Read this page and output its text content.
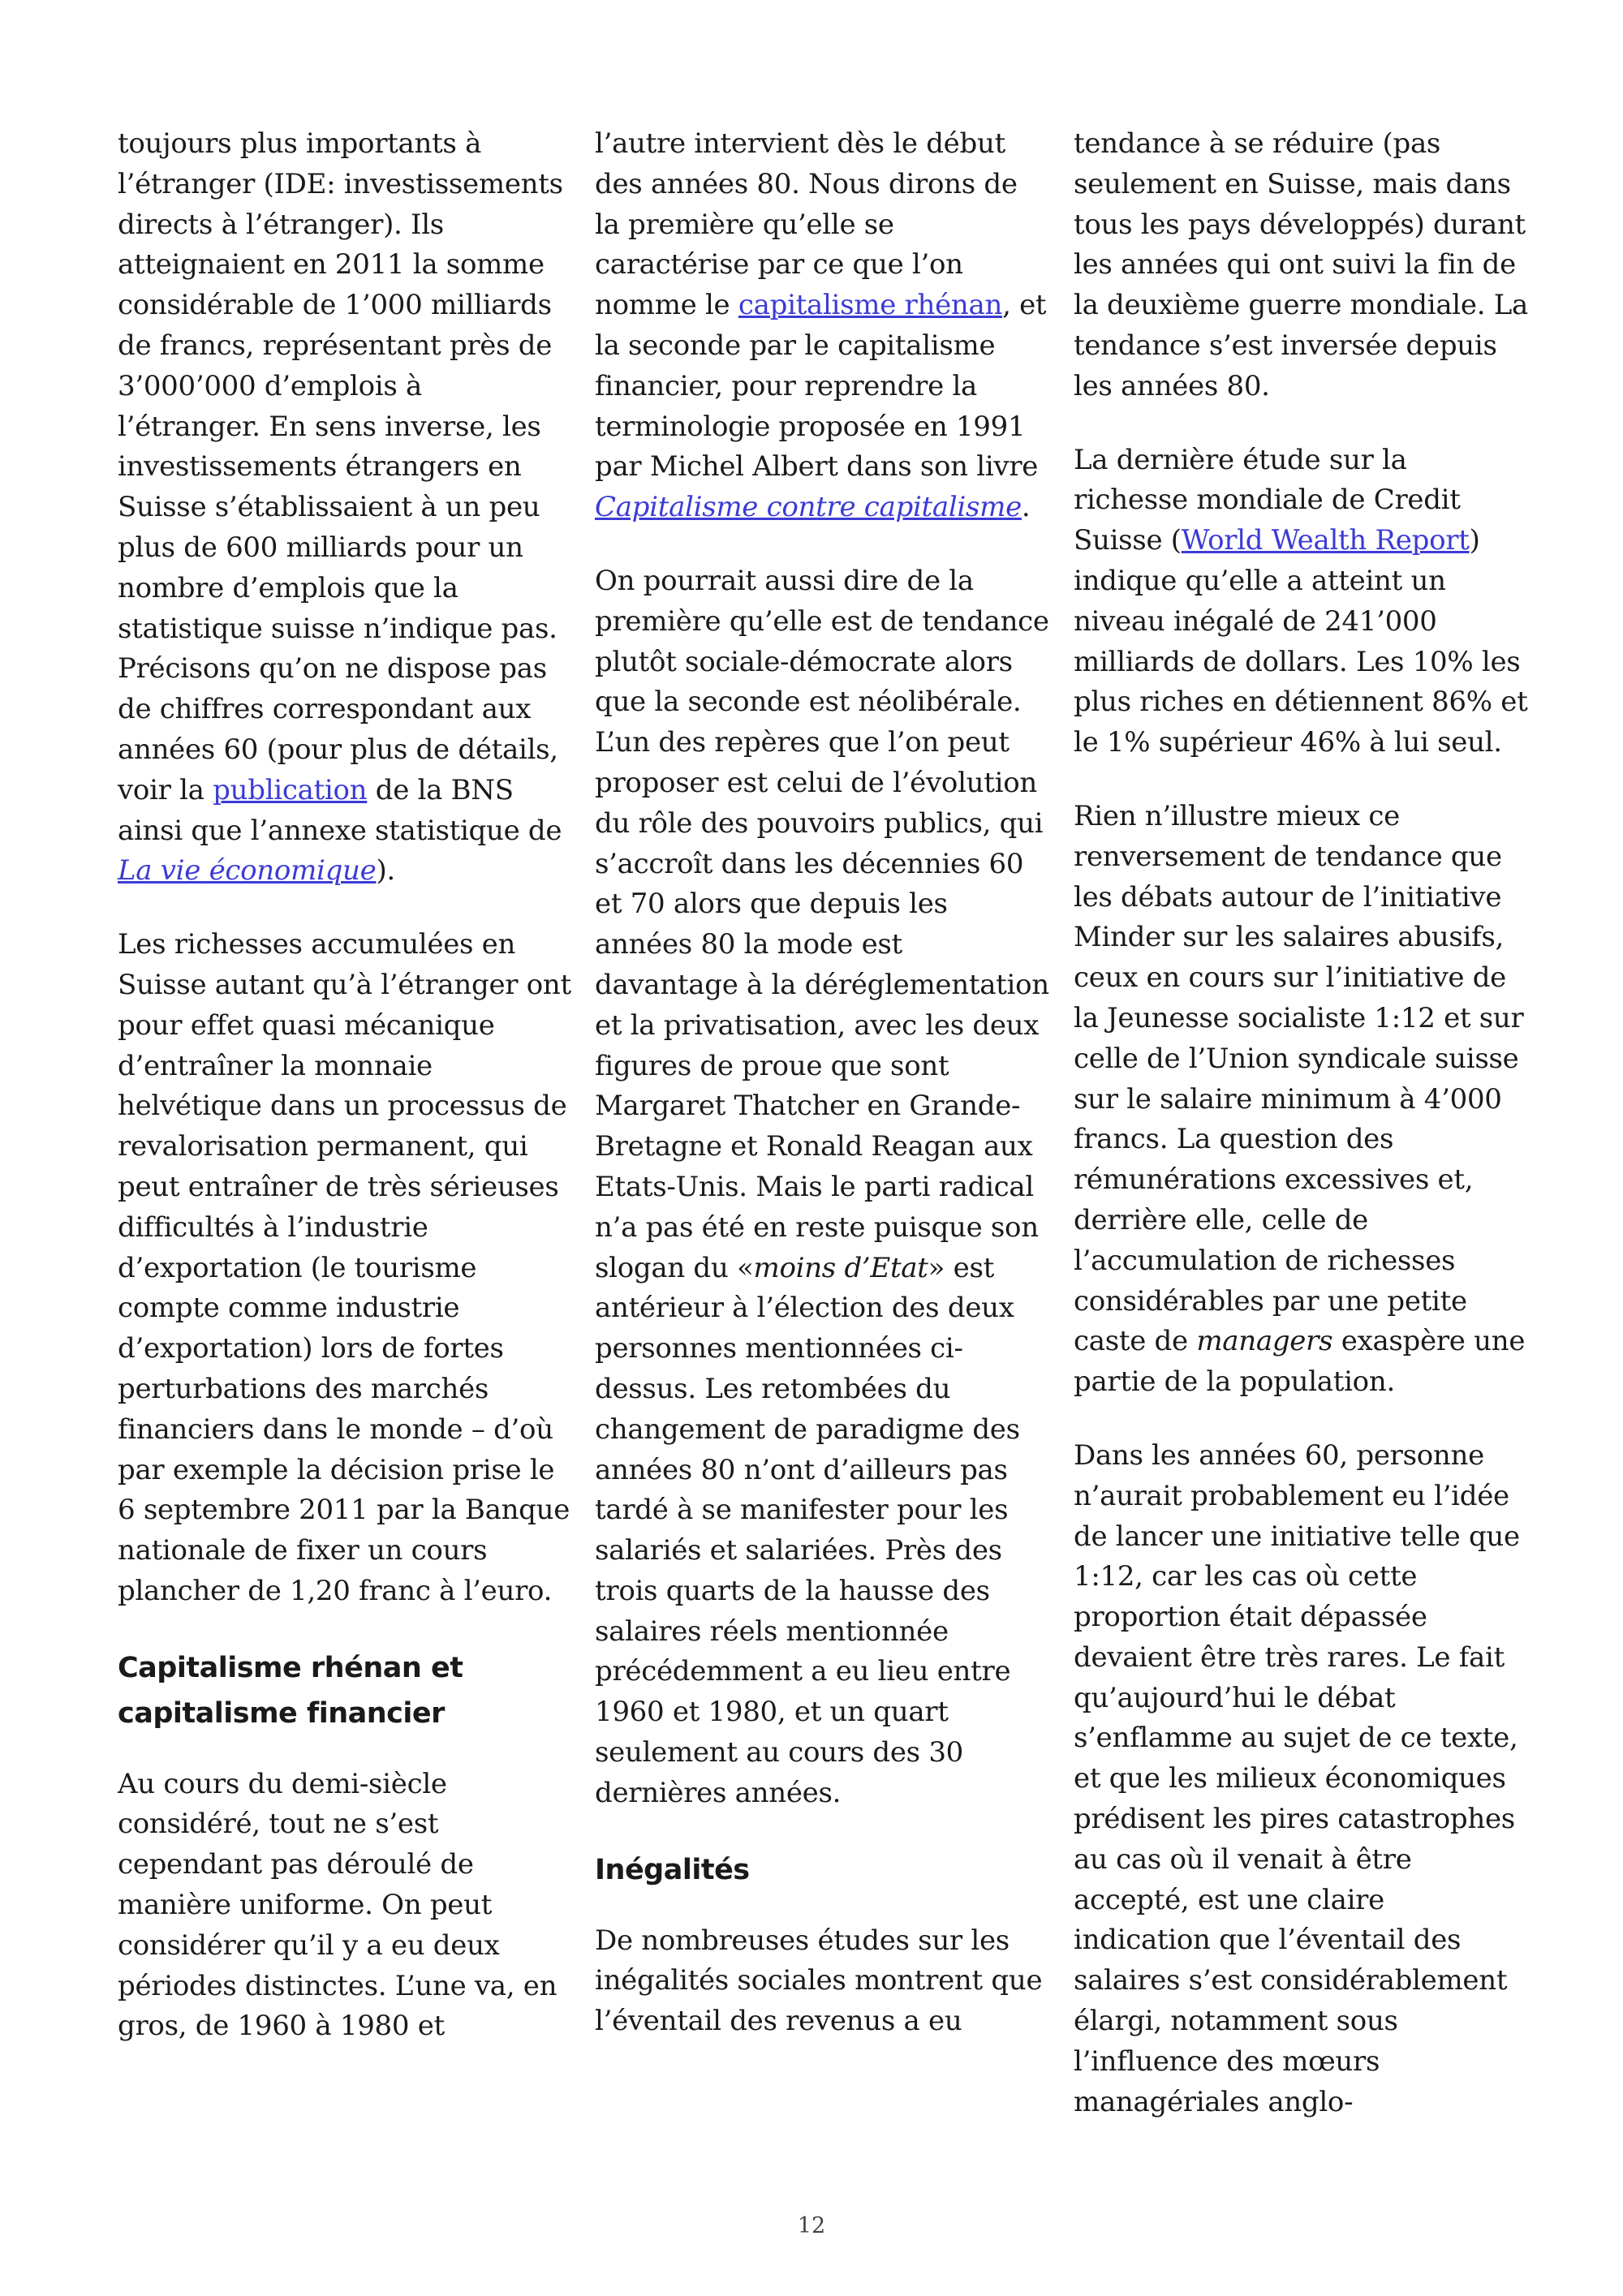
toujours plus importants à l’étranger (IDE: investissements directs à l’étranger). Ils atteignaient en 2011 la somme considérable de 1’000 milliards de francs, représentant près de 3’000’000 d’emplois à l’étranger. En sens inverse, les investissements étrangers en Suisse s’établissaient à un peu plus de 600 milliards pour un nombre d’emplois que la statistique suisse n’indique pas. Précisons qu’on ne dispose pas de chiffres correspondant aux années 60 (pour plus de détails, voir la publication de la BNS ainsi que l’annexe statistique de La vie économique).

Les richesses accumulées en Suisse autant qu’à l’étranger ont pour effet quasi mécanique d’entraîner la monnaie helvétique dans un processus de revalorisation permanent, qui peut entraîner de très sérieuses difficultés à l’industrie d’exportation (le tourisme compte comme industrie d’exportation) lors de fortes perturbations des marchés financiers dans le monde – d’où par exemple la décision prise le 6 septembre 2011 par la Banque nationale de fixer un cours plancher de 1,20 franc à l’euro.

Capitalisme rhénan et capitalisme financier

Au cours du demi-siècle considéré, tout ne s’est cependant pas déroulé de manière uniforme. On peut considérer qu’il y a eu deux périodes distinctes. L’une va, en gros, de 1960 à 1980 et

l’autre intervient dès le début des années 80. Nous dirons de la première qu’elle se caractérise par ce que l’on nomme le capitalisme rhénan, et la seconde par le capitalisme financier, pour reprendre la terminologie proposée en 1991 par Michel Albert dans son livre Capitalisme contre capitalisme.

On pourrait aussi dire de la première qu’elle est de tendance plutôt sociale-démocrate alors que la seconde est néolibérale. L’un des repères que l’on peut proposer est celui de l’évolution du rôle des pouvoirs publics, qui s’accroît dans les décennies 60 et 70 alors que depuis les années 80 la mode est davantage à la déréglementation et la privatisation, avec les deux figures de proue que sont Margaret Thatcher en Grande-Bretagne et Ronald Reagan aux Etats-Unis. Mais le parti radical n’a pas été en reste puisque son slogan du «moins d’Etat» est antérieur à l’élection des deux personnes mentionnées ci-dessus. Les retombées du changement de paradigme des années 80 n’ont d’ailleurs pas tardé à se manifester pour les salariés et salariées. Près des trois quarts de la hausse des salaires réels mentionnée précédemment a eu lieu entre 1960 et 1980, et un quart seulement au cours des 30 dernières années.

Inégalités

De nombreuses études sur les inégalités sociales montrent que l’éventail des revenus a eu

tendance à se réduire (pas seulement en Suisse, mais dans tous les pays développés) durant les années qui ont suivi la fin de la deuxième guerre mondiale. La tendance s’est inversée depuis les années 80.

La dernière étude sur la richesse mondiale de Credit Suisse (World Wealth Report) indique qu’elle a atteint un niveau inégalé de 241’000 milliards de dollars. Les 10% les plus riches en détiennent 86% et le 1% supérieur 46% à lui seul.

Rien n’illustre mieux ce renversement de tendance que les débats autour de l’initiative Minder sur les salaires abusifs, ceux en cours sur l’initiative de la Jeunesse socialiste 1:12 et sur celle de l’Union syndicale suisse sur le salaire minimum à 4’000 francs. La question des rémunérations excessives et, derrière elle, celle de l’accumulation de richesses considérables par une petite caste de managers exaspère une partie de la population.

Dans les années 60, personne n’aurait probablement eu l’idée de lancer une initiative telle que 1:12, car les cas où cette proportion était dépassée devaient être très rares. Le fait qu’aujourd’hui le débat s’enflamme au sujet de ce texte, et que les milieux économiques prédisent les pires catastrophes au cas où il venait à être accepté, est une claire indication que l’éventail des salaires s’est considérablement élargi, notamment sous l’influence des mœurs managériales anglo-

12
